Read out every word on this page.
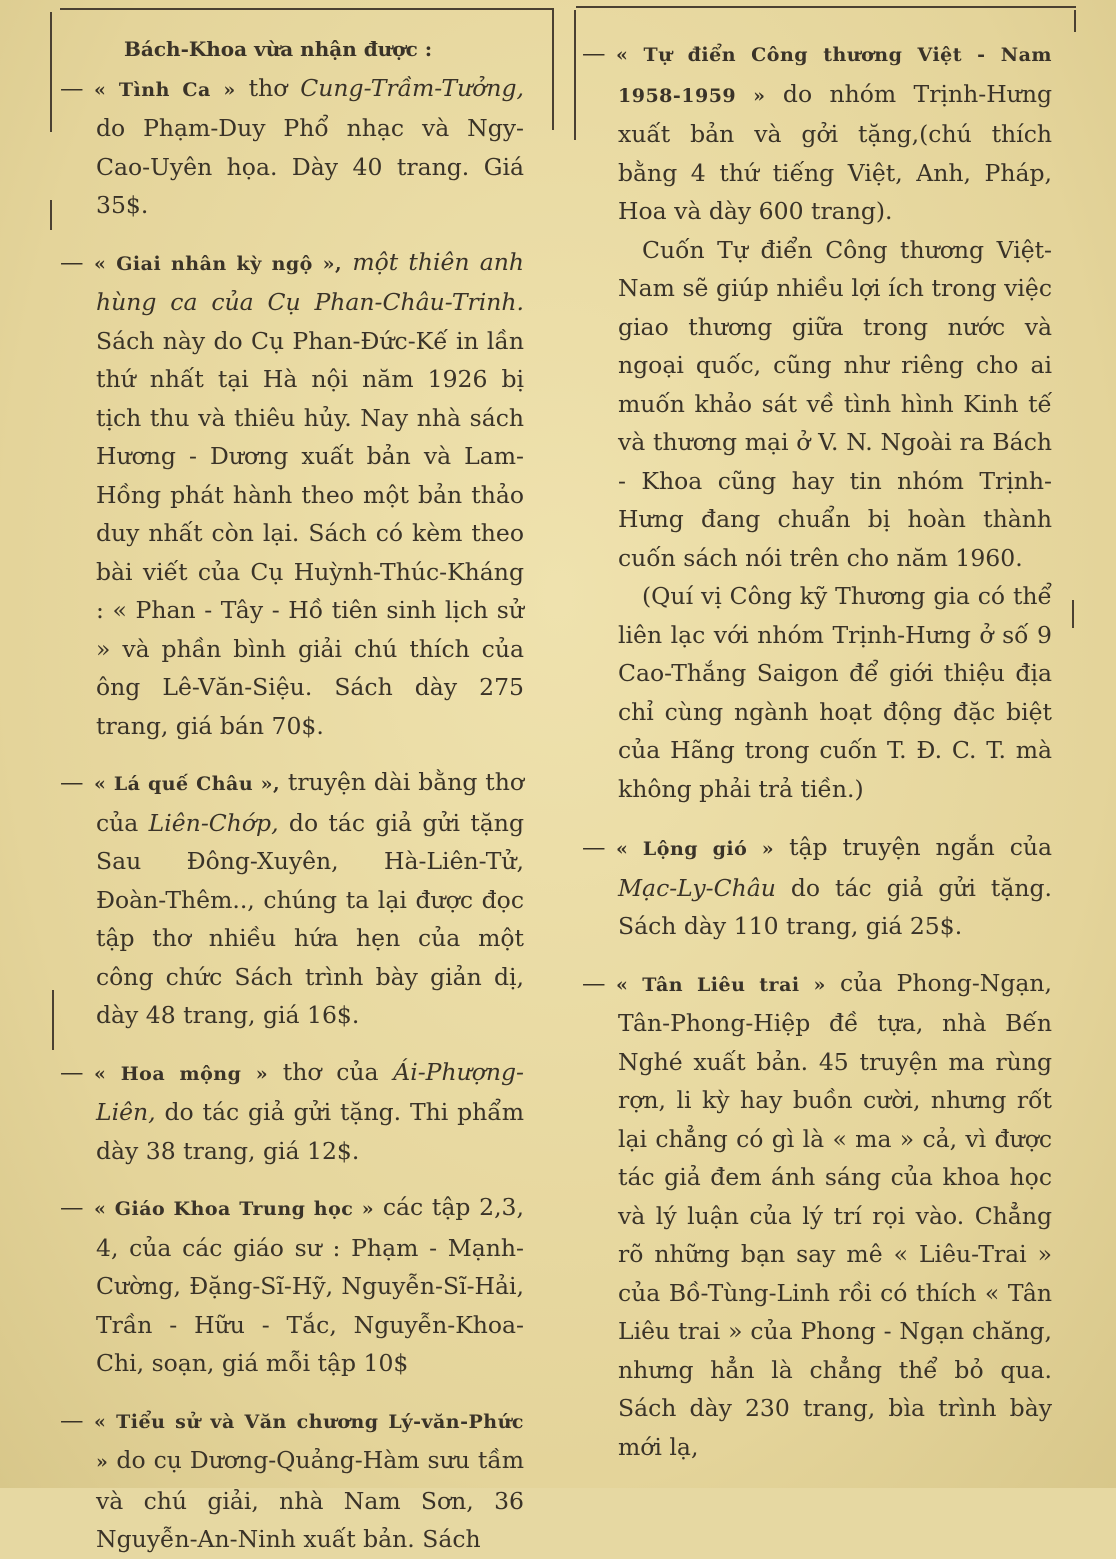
Bách-Khoa vừa nhận được :

— « Tình Ca » thơ Cung-Trầm-Tưởng, do Phạm-Duy Phổ nhạc và Ngy-Cao-Uyên họa. Dày 40 trang. Giá 35$.

— « Giai nhân kỳ ngộ », một thiên anh hùng ca của Cụ Phan-Châu-Trinh. Sách này do Cụ Phan-Đức-Kế in lần thứ nhất tại Hà nội năm 1926 bị tịch thu và thiêu hủy. Nay nhà sách Hương - Dương xuất bản và Lam-Hồng phát hành theo một bản thảo duy nhất còn lại. Sách có kèm theo bài viết của Cụ Huỳnh-Thúc-Kháng : « Phan - Tây - Hồ tiên sinh lịch sử » và phần bình giải chú thích của ông Lê-Văn-Siệu. Sách dày 275 trang, giá bán 70$.

— « Lá quế Châu », truyện dài bằng thơ của Liên-Chớp, do tác giả gửi tặng Sau Đông-Xuyên, Hà-Liên-Tử, Đoàn-Thêm.., chúng ta lại được đọc tập thơ nhiều hứa hẹn của một công chức Sách trình bày giản dị, dày 48 trang, giá 16$.

— « Hoa mộng » thơ của Ái-Phượng-Liên, do tác giả gửi tặng. Thi phẩm dày 38 trang, giá 12$.

— « Giáo Khoa Trung học » các tập 2,3, 4, của các giáo sư : Phạm - Mạnh-Cường, Đặng-Sĩ-Hỹ, Nguyễn-Sĩ-Hải, Trần - Hữu - Tắc, Nguyễn-Khoa-Chi, soạn, giá mỗi tập 10$

— « Tiểu sử và Văn chương Lý-văn-Phức » do cụ Dương-Quảng-Hàm sưu tầm và chú giải, nhà Nam Sơn, 36 Nguyễn-An-Ninh xuất bản. Sách

— « Tự điển Công thương Việt - Nam 1958-1959 » do nhóm Trịnh-Hưng xuất bản và gởi tặng,(chú thích bằng 4 thứ tiếng Việt, Anh, Pháp, Hoa và dày 600 trang).

Cuốn Tự điển Công thương Việt-Nam sẽ giúp nhiều lợi ích trong việc giao thương giữa trong nước và ngoại quốc, cũng như riêng cho ai muốn khảo sát về tình hình Kinh tế và thương mại ở V. N. Ngoài ra Bách - Khoa cũng hay tin nhóm Trịnh-Hưng đang chuẩn bị hoàn thành cuốn sách nói trên cho năm 1960.

(Quí vị Công kỹ Thương gia có thể liên lạc với nhóm Trịnh-Hưng ở số 9 Cao-Thắng Saigon để giới thiệu địa chỉ cùng ngành hoạt động đặc biệt của Hãng trong cuốn T. Đ. C. T. mà không phải trả tiền.)

— « Lộng gió » tập truyện ngắn của Mạc-Ly-Châu do tác giả gửi tặng. Sách dày 110 trang, giá 25$.

— « Tân Liêu trai » của Phong-Ngạn, Tân-Phong-Hiệp đề tựa, nhà Bến Nghé xuất bản. 45 truyện ma rùng rợn, li kỳ hay buồn cười, nhưng rốt lại chẳng có gì là « ma » cả, vì được tác giả đem ánh sáng của khoa học và lý luận của lý trí rọi vào. Chẳng rõ những bạn say mê « Liêu-Trai » của Bồ-Tùng-Linh rồi có thích « Tân Liêu trai » của Phong - Ngạn chăng, nhưng hẳn là chẳng thể bỏ qua. Sách dày 230 trang, bìa trình bày mới lạ,
